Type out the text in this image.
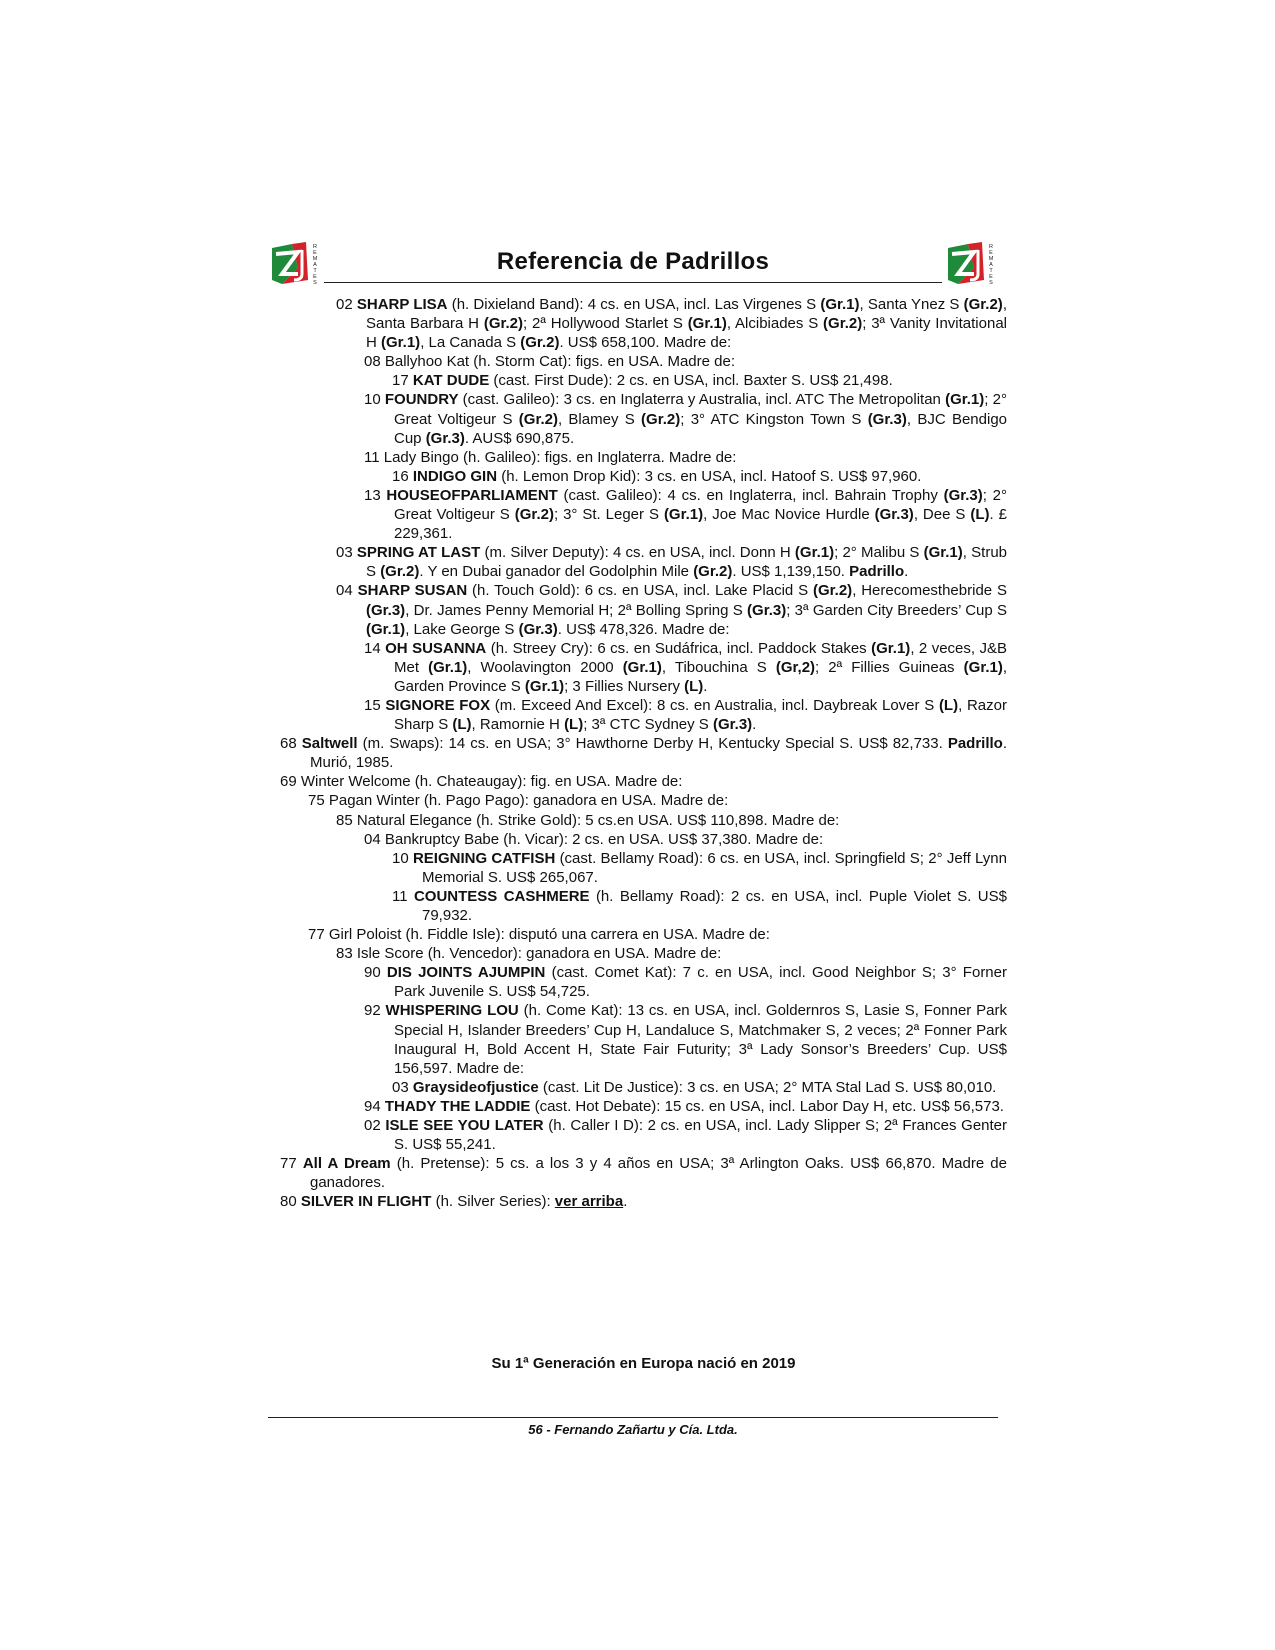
R
E
M
A
T
E
S
Referencia de Padrillos
R
E
M
A
T
E
S
02 SHARP LISA (h. Dixieland Band): 4 cs. en USA, incl. Las Virgenes S (Gr.1), Santa Ynez S (Gr.2), Santa Barbara H (Gr.2); 2ª Hollywood Starlet S (Gr.1), Alcibiades S (Gr.2); 3ª Vanity Invitational H (Gr.1), La Canada S (Gr.2). US$ 658,100. Madre de:
08 Ballyhoo Kat (h. Storm Cat): figs. en USA. Madre de:
17 KAT DUDE (cast. First Dude): 2 cs. en USA, incl. Baxter S. US$ 21,498.
10 FOUNDRY (cast. Galileo): 3 cs. en Inglaterra y Australia, incl. ATC The Metropolitan (Gr.1); 2° Great Voltigeur S (Gr.2), Blamey S (Gr.2); 3° ATC Kingston Town S (Gr.3), BJC Bendigo Cup (Gr.3). AUS$ 690,875.
11 Lady Bingo (h. Galileo): figs. en Inglaterra. Madre de:
16 INDIGO GIN (h. Lemon Drop Kid): 3 cs. en USA, incl. Hatoof S. US$ 97,960.
13 HOUSEOFPARLIAMENT (cast. Galileo): 4 cs. en Inglaterra, incl. Bahrain Trophy (Gr.3); 2° Great Voltigeur S (Gr.2); 3° St. Leger S (Gr.1), Joe Mac Novice Hurdle (Gr.3), Dee S (L). £ 229,361.
03 SPRING AT LAST (m. Silver Deputy): 4 cs. en USA, incl. Donn H (Gr.1); 2° Malibu S (Gr.1), Strub S (Gr.2). Y en Dubai ganador del Godolphin Mile (Gr.2). US$ 1,139,150. Padrillo.
04 SHARP SUSAN (h. Touch Gold): 6 cs. en USA, incl. Lake Placid S (Gr.2), Herecomesthebride S (Gr.3), Dr. James Penny Memorial H; 2ª Bolling Spring S (Gr.3); 3ª Garden City Breeders’ Cup S (Gr.1), Lake George S (Gr.3). US$ 478,326. Madre de:
14 OH SUSANNA (h. Streey Cry): 6 cs. en Sudáfrica, incl. Paddock Stakes (Gr.1), 2 veces, J&B Met (Gr.1), Woolavington 2000 (Gr.1), Tibouchina S (Gr,2); 2ª Fillies Guineas (Gr.1), Garden Province S (Gr.1); 3 Fillies Nursery (L).
15 SIGNORE FOX (m. Exceed And Excel): 8 cs. en Australia, incl. Daybreak Lover S (L), Razor Sharp S (L), Ramornie H (L); 3ª CTC Sydney S (Gr.3).
68 Saltwell (m. Swaps): 14 cs. en USA; 3° Hawthorne Derby H, Kentucky Special S. US$ 82,733. Padrillo. Murió, 1985.
69 Winter Welcome (h. Chateaugay): fig. en USA. Madre de:
75 Pagan Winter (h. Pago Pago): ganadora en USA. Madre de:
85 Natural Elegance (h. Strike Gold): 5 cs.en USA. US$ 110,898. Madre de:
04 Bankruptcy Babe (h. Vicar): 2 cs. en USA. US$ 37,380. Madre de:
10 REIGNING CATFISH (cast. Bellamy Road): 6 cs. en USA, incl. Springfield S; 2° Jeff Lynn Memorial S. US$ 265,067.
11 COUNTESS CASHMERE (h. Bellamy Road): 2 cs. en USA, incl. Puple Violet S. US$ 79,932.
77 Girl Poloist (h. Fiddle Isle): disputó una carrera en USA. Madre de:
83 Isle Score (h. Vencedor): ganadora en USA. Madre de:
90 DIS JOINTS AJUMPIN (cast. Comet Kat): 7 c. en USA, incl. Good Neighbor S; 3° Forner Park Juvenile S. US$ 54,725.
92 WHISPERING LOU (h. Come Kat): 13 cs. en USA, incl. Goldernros S, Lasie S, Fonner Park Special H, Islander Breeders’ Cup H, Landaluce S, Matchmaker S, 2 veces; 2ª Fonner Park Inaugural H, Bold Accent H, State Fair Futurity; 3ª Lady Sonsor’s Breeders’ Cup. US$ 156,597. Madre de:
03 Graysideofjustice (cast. Lit De Justice): 3 cs. en USA; 2° MTA Stal Lad S. US$ 80,010.
94 THADY THE LADDIE (cast. Hot Debate): 15 cs. en USA, incl. Labor Day H, etc. US$ 56,573.
02 ISLE SEE YOU LATER (h. Caller I D): 2 cs. en USA, incl. Lady Slipper S; 2ª Frances Genter S. US$ 55,241.
77 All A Dream (h. Pretense): 5 cs. a los 3 y 4 años en USA; 3ª Arlington Oaks. US$ 66,870. Madre de ganadores.
80 SILVER IN FLIGHT (h. Silver Series): ver arriba.
Su 1ª Generación en Europa nació en 2019
56 - Fernando Zañartu y Cía. Ltda.
